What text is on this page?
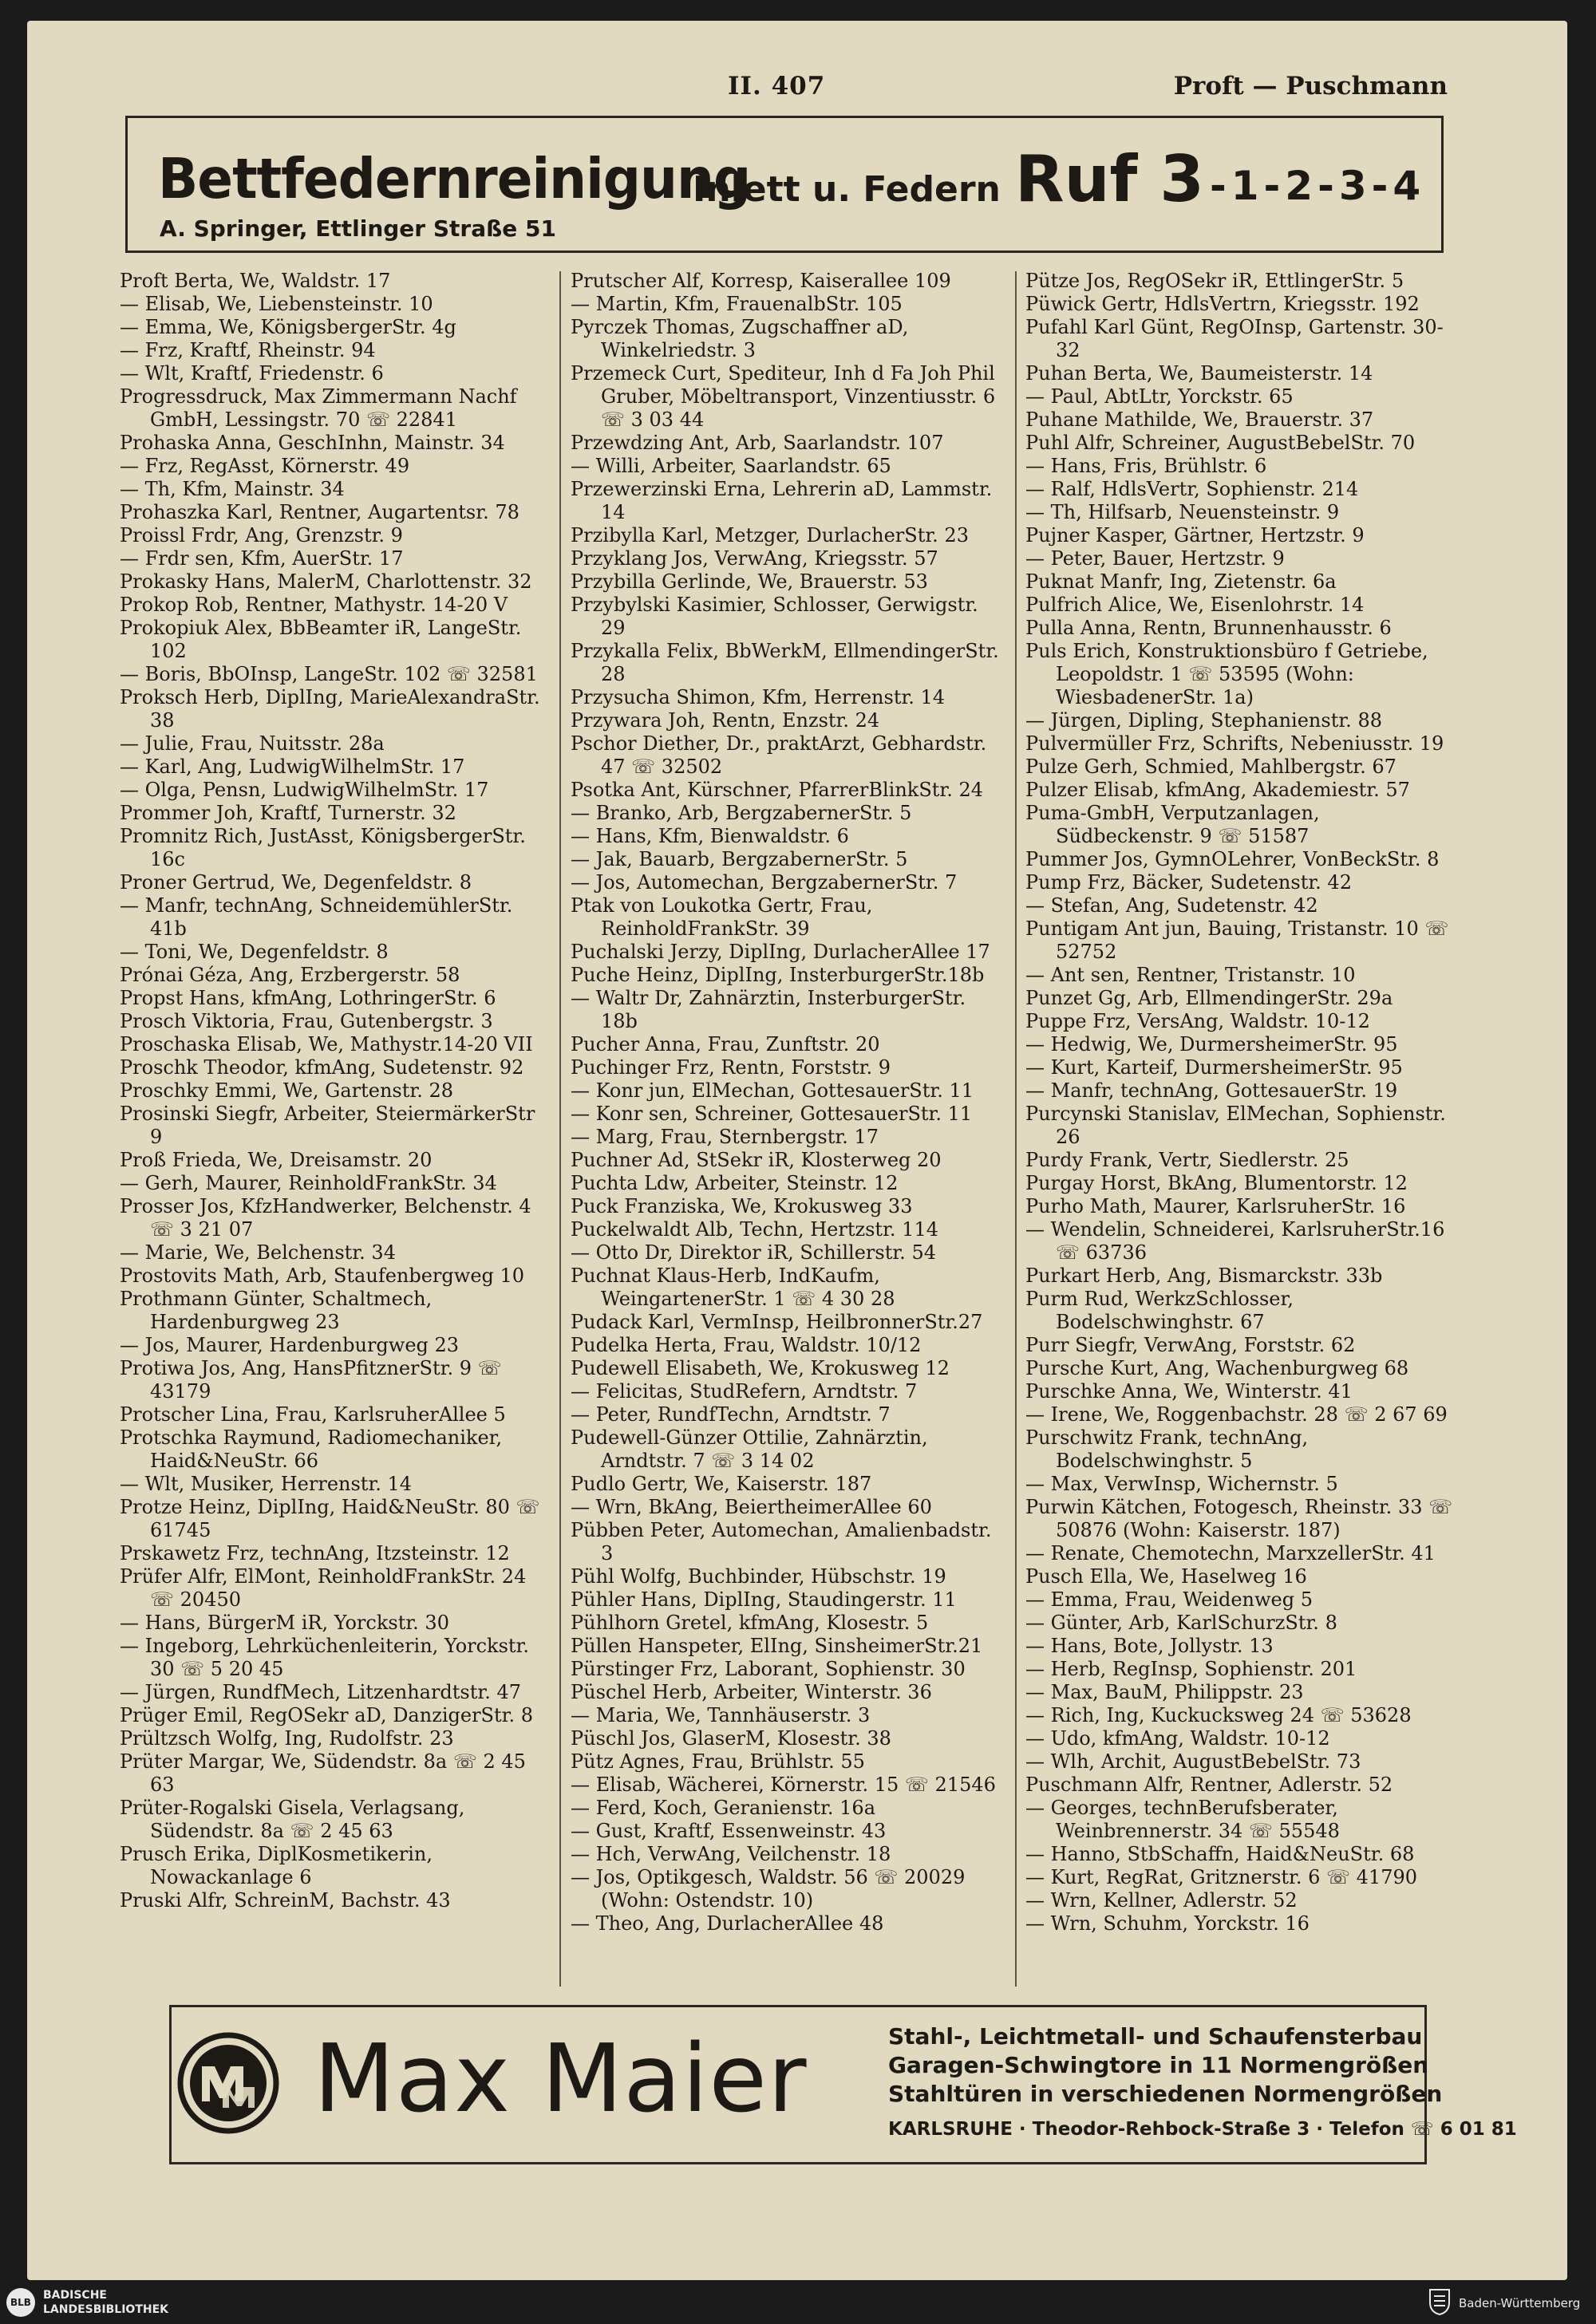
II. 407	Proft — Puschmann
Bettfedernreinigung
Inlett u. Federn Ruf 3 -1-2-3-4
A. Springer, Ettlinger Straße 51
Proft Berta, We, Waldstr. 17
— Elisab, We, Liebensteinstr. 10
— Emma, We, KönigsbergerStr. 4g
— Frz, Kraftf, Rheinstr. 94
— Wlt, Kraftf, Friedenstr. 6
Progressdruck, Max Zimmermann Nachf GmbH, Lessingstr. 70 ☏ 22841
Prohaska Anna, GeschInhn, Mainstr. 34
— Frz, RegAsst, Körnerstr. 49
— Th, Kfm, Mainstr. 34
Prohaszka Karl, Rentner, Augartentsr. 78
Proissl Frdr, Ang, Grenzstr. 9
— Frdr sen, Kfm, AuerStr. 17
Prokasky Hans, MalerM, Charlottenstr. 32
Prokop Rob, Rentner, Mathystr. 14-20 V
Prokopiuk Alex, BbBeamter iR, LangeStr. 102
— Boris, BbOInsp, LangeStr. 102 ☏ 32581
Proksch Herb, DiplIng, MarieAlexandraStr. 38
— Julie, Frau, Nuitsstr. 28a
— Karl, Ang, LudwigWilhelmStr. 17
— Olga, Pensn, LudwigWilhelmStr. 17
Prommer Joh, Kraftf, Turnerstr. 32
Promnitz Rich, JustAsst, KönigsbergerStr. 16c
Proner Gertrud, We, Degenfeldstr. 8
— Manfr, technAng, SchneidemühlerStr. 41b
— Toni, We, Degenfeldstr. 8
Prónai Géza, Ang, Erzbergerstr. 58
Propst Hans, kfmAng, LothringerStr. 6
Prosch Viktoria, Frau, Gutenbergstr. 3
Proschaska Elisab, We, Mathystr.14-20 VII
Proschk Theodor, kfmAng, Sudetenstr. 92
Proschky Emmi, We, Gartenstr. 28
Prosinski Siegfr, Arbeiter, SteiermärkerStr 9
Proß Frieda, We, Dreisamstr. 20
— Gerh, Maurer, ReinholdFrankStr. 34
Prosser Jos, KfzHandwerker, Belchenstr. 4 ☏ 3 21 07
— Marie, We, Belchenstr. 34
Prostovits Math, Arb, Staufenbergweg 10
Prothmann Günter, Schaltmech, Hardenburgweg 23
— Jos, Maurer, Hardenburgweg 23
Protiwa Jos, Ang, HansPfitznerStr. 9 ☏ 43179
Protscher Lina, Frau, KarlsruherAllee 5
Protschka Raymund, Radiomechaniker, Haid&NeuStr. 66
— Wlt, Musiker, Herrenstr. 14
Protze Heinz, DiplIng, Haid&NeuStr. 80 ☏ 61745
Prskawetz Frz, technAng, Itzsteinstr. 12
Prüfer Alfr, ElMont, ReinholdFrankStr. 24 ☏ 20450
— Hans, BürgerM iR, Yorckstr. 30
— Ingeborg, Lehrküchenleiterin, Yorckstr. 30 ☏ 5 20 45
— Jürgen, RundfMech, Litzenhardtstr. 47
Prüger Emil, RegOSekr aD, DanzigerStr. 8
Prültzsch Wolfg, Ing, Rudolfstr. 23
Prüter Margar, We, Südendstr. 8a ☏ 2 45 63
Prüter-Rogalski Gisela, Verlagsang, Südendstr. 8a ☏ 2 45 63
Prusch Erika, DiplKosmetikerin, Nowackanlage 6
Pruski Alfr, SchreinM, Bachstr. 43
Prutscher Alf, Korresp, Kaiserallee 109
— Martin, Kfm, FrauenalbStr. 105
Pyrczek Thomas, Zugschaffner aD, Winkelriedstr. 3
Przemeck Curt, Spediteur, Inh d Fa Joh Phil Gruber, Möbeltransport, Vinzentiusstr. 6 ☏ 3 03 44
Przewdzing Ant, Arb, Saarlandstr. 107
— Willi, Arbeiter, Saarlandstr. 65
Przewerzinski Erna, Lehrerin aD, Lammstr. 14
Przibylla Karl, Metzger, DurlacherStr. 23
Przyklang Jos, VerwAng, Kriegsstr. 57
Przybilla Gerlinde, We, Brauerstr. 53
Przybylski Kasimier, Schlosser, Gerwigstr. 29
Przykalla Felix, BbWerkM, EllmendingerStr. 28
Przysucha Shimon, Kfm, Herrenstr. 14
Przywara Joh, Rentn, Enzstr. 24
Pschor Diether, Dr., praktArzt, Gebhardstr. 47 ☏ 32502
Psotka Ant, Kürschner, PfarrerBlinkStr. 24
— Branko, Arb, BergzabernerStr. 5
— Hans, Kfm, Bienwaldstr. 6
— Jak, Bauarb, BergzabernerStr. 5
— Jos, Automechan, BergzabernerStr. 7
Ptak von Loukotka Gertr, Frau, ReinholdFrankStr. 39
Puchalski Jerzy, DiplIng, DurlacherAllee 17
Puche Heinz, DiplIng, InsterburgerStr.18b
— Waltr Dr, Zahnärztin, InsterburgerStr. 18b
Pucher Anna, Frau, Zunftstr. 20
Puchinger Frz, Rentn, Forststr. 9
— Konr jun, ElMechan, GottesauerStr. 11
— Konr sen, Schreiner, GottesauerStr. 11
— Marg, Frau, Sternbergstr. 17
Puchner Ad, StSekr iR, Klosterweg 20
Puchta Ldw, Arbeiter, Steinstr. 12
Puck Franziska, We, Krokusweg 33
Puckelwaldt Alb, Techn, Hertzstr. 114
— Otto Dr, Direktor iR, Schillerstr. 54
Puchnat Klaus-Herb, IndKaufm, WeingartenerStr. 1 ☏ 4 30 28
Pudack Karl, VermInsp, HeilbronnerStr.27
Pudelka Herta, Frau, Waldstr. 10/12
Pudewell Elisabeth, We, Krokusweg 12
— Felicitas, StudRefern, Arndtstr. 7
— Peter, RundfTechn, Arndtstr. 7
Pudewell-Günzer Ottilie, Zahnärztin, Arndtstr. 7 ☏ 3 14 02
Pudlo Gertr, We, Kaiserstr. 187
— Wrn, BkAng, BeiertheimerAllee 60
Pübben Peter, Automechan, Amalienbadstr. 3
Pühl Wolfg, Buchbinder, Hübschstr. 19
Pühler Hans, DiplIng, Staudingerstr. 11
Pühlhorn Gretel, kfmAng, Klosestr. 5
Püllen Hanspeter, ElIng, SinsheimerStr.21
Pürstinger Frz, Laborant, Sophienstr. 30
Püschel Herb, Arbeiter, Winterstr. 36
— Maria, We, Tannhäuserstr. 3
Püschl Jos, GlaserM, Klosestr. 38
Pütz Agnes, Frau, Brühlstr. 55
— Elisab, Wächerei, Körnerstr. 15 ☏ 21546
— Ferd, Koch, Geranienstr. 16a
— Gust, Kraftf, Essenweinstr. 43
— Hch, VerwAng, Veilchenstr. 18
— Jos, Optikgesch, Waldstr. 56 ☏ 20029 (Wohn: Ostendstr. 10)
— Theo, Ang, DurlacherAllee 48
Pütze Jos, RegOSekr iR, EttlingerStr. 5
Püwick Gertr, HdlsVertrn, Kriegsstr. 192
Pufahl Karl Günt, RegOInsp, Gartenstr. 30-32
Puhan Berta, We, Baumeisterstr. 14
— Paul, AbtLtr, Yorckstr. 65
Puhane Mathilde, We, Brauerstr. 37
Puhl Alfr, Schreiner, AugustBebelStr. 70
— Hans, Fris, Brühlstr. 6
— Ralf, HdlsVertr, Sophienstr. 214
— Th, Hilfsarb, Neuensteinstr. 9
Pujner Kasper, Gärtner, Hertzstr. 9
— Peter, Bauer, Hertzstr. 9
Puknat Manfr, Ing, Zietenstr. 6a
Pulfrich Alice, We, Eisenlohrstr. 14
Pulla Anna, Rentn, Brunnenhausstr. 6
Puls Erich, Konstruktionsbüro f Getriebe, Leopoldstr. 1 ☏ 53595 (Wohn: WiesbadenerStr. 1a)
— Jürgen, Dipling, Stephanienstr. 88
Pulvermüller Frz, Schrifts, Nebeniusstr. 19
Pulze Gerh, Schmied, Mahlbergstr. 67
Pulzer Elisab, kfmAng, Akademiestr. 57
Puma-GmbH, Verputzanlagen, Südbeckenstr. 9 ☏ 51587
Pummer Jos, GymnOLehrer, VonBeckStr. 8
Pump Frz, Bäcker, Sudetenstr. 42
— Stefan, Ang, Sudetenstr. 42
Puntigam Ant jun, Bauing, Tristanstr. 10 ☏ 52752
— Ant sen, Rentner, Tristanstr. 10
Punzet Gg, Arb, EllmendingerStr. 29a
Puppe Frz, VersAng, Waldstr. 10-12
— Hedwig, We, DurmersheimerStr. 95
— Kurt, Karteif, DurmersheimerStr. 95
— Manfr, technAng, GottesauerStr. 19
Purcynski Stanislav, ElMechan, Sophienstr. 26
Purdy Frank, Vertr, Siedlerstr. 25
Purgay Horst, BkAng, Blumentorstr. 12
Purho Math, Maurer, KarlsruherStr. 16
— Wendelin, Schneiderei, KarlsruherStr.16 ☏ 63736
Purkart Herb, Ang, Bismarckstr. 33b
Purm Rud, WerkzSchlosser, Bodelschwinghstr. 67
Purr Siegfr, VerwAng, Forststr. 62
Pursche Kurt, Ang, Wachenburgweg 68
Purschke Anna, We, Winterstr. 41
— Irene, We, Roggenbachstr. 28 ☏ 2 67 69
Purschwitz Frank, technAng, Bodelschwinghstr. 5
— Max, VerwInsp, Wichernstr. 5
Purwin Kätchen, Fotogesch, Rheinstr. 33 ☏ 50876 (Wohn: Kaiserstr. 187)
— Renate, Chemotechn, MarxzellerStr. 41
Pusch Ella, We, Haselweg 16
— Emma, Frau, Weidenweg 5
— Günter, Arb, KarlSchurzStr. 8
— Hans, Bote, Jollystr. 13
— Herb, RegInsp, Sophienstr. 201
— Max, BauM, Philippstr. 23
— Rich, Ing, Kuckucksweg 24 ☏ 53628
— Udo, kfmAng, Waldstr. 10-12
— Wlh, Archit, AugustBebelStr. 73
Puschmann Alfr, Rentner, Adlerstr. 52
— Georges, technBerufsberater, Weinbrennerstr. 34 ☏ 55548
— Hanno, StbSchaffn, Haid&NeuStr. 68
— Kurt, RegRat, Gritznerstr. 6 ☏ 41790
— Wrn, Kellner, Adlerstr. 52
— Wrn, Schuhm, Yorckstr. 16
Max Maier	Stahl-, Leichtmetall- und Schaufensterbau
Garagen-Schwingtore in 11 Normengrößen
Stahltüren in verschiedenen Normengrößen
KARLSRUHE · Theodor-Rehbock-Straße 3 · Telefon ☏ 6 01 81
BLB
BADISCHE
LANDESBIBLIOTHEK	Baden-Württemberg
